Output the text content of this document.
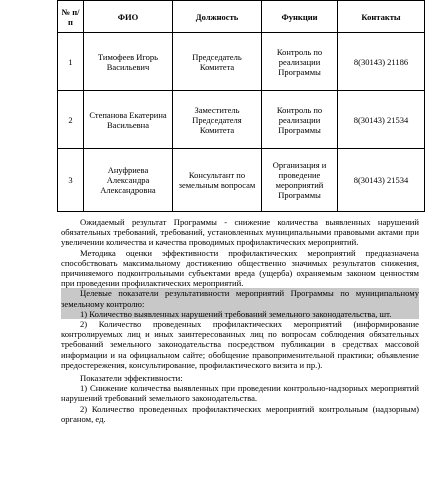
№ п/п	ФИО	Должность	Функции	Контакты
1	Тимофеев Игорь Васильевич	Председатель Комитета	Контроль по реализации Программы	8(30143) 21186
2	Степанова Екатерина Васильевна	Заместитель Председателя Комитета	Контроль по реализации Программы	8(30143) 21534
3	Ануфриева Александра Александровна	Консультант по земельным вопросам	Организация и проведение мероприятий Программы	8(30143) 21534

Ожидаемый результат Программы - снижение количества выявленных нарушений обязательных требований, требований, установленных муниципальными правовыми актами при увеличении количества и качества проводимых профилактических мероприятий.

Методика оценки эффективности профилактических мероприятий предназначена способствовать максимальному достижению общественно значимых результатов снижения, причиняемого подконтрольными субъектами вреда (ущерба) охраняемым законом ценностям при проведении профилактических мероприятий.

Целевые показатели результативности мероприятий Программы по муниципальному земельному контролю:

1) Количество выявленных нарушений требований земельного законодательства, шт.

2) Количество проведенных профилактических мероприятий (информирование контролируемых лиц и иных заинтересованных лиц по вопросам соблюдения обязательных требований земельного законодательства посредством публикации в средствах массовой информации и на официальном сайте; обобщение правоприменительной практики; объявление предостережения, консультирование, профилактического визита и пр.).

Показатели эффективности:

1) Снижение количества выявленных при проведении контрольно-надзорных мероприятий нарушений требований земельного законодательства.

2) Количество проведенных профилактических мероприятий контрольным (надзорным) органом, ед.
